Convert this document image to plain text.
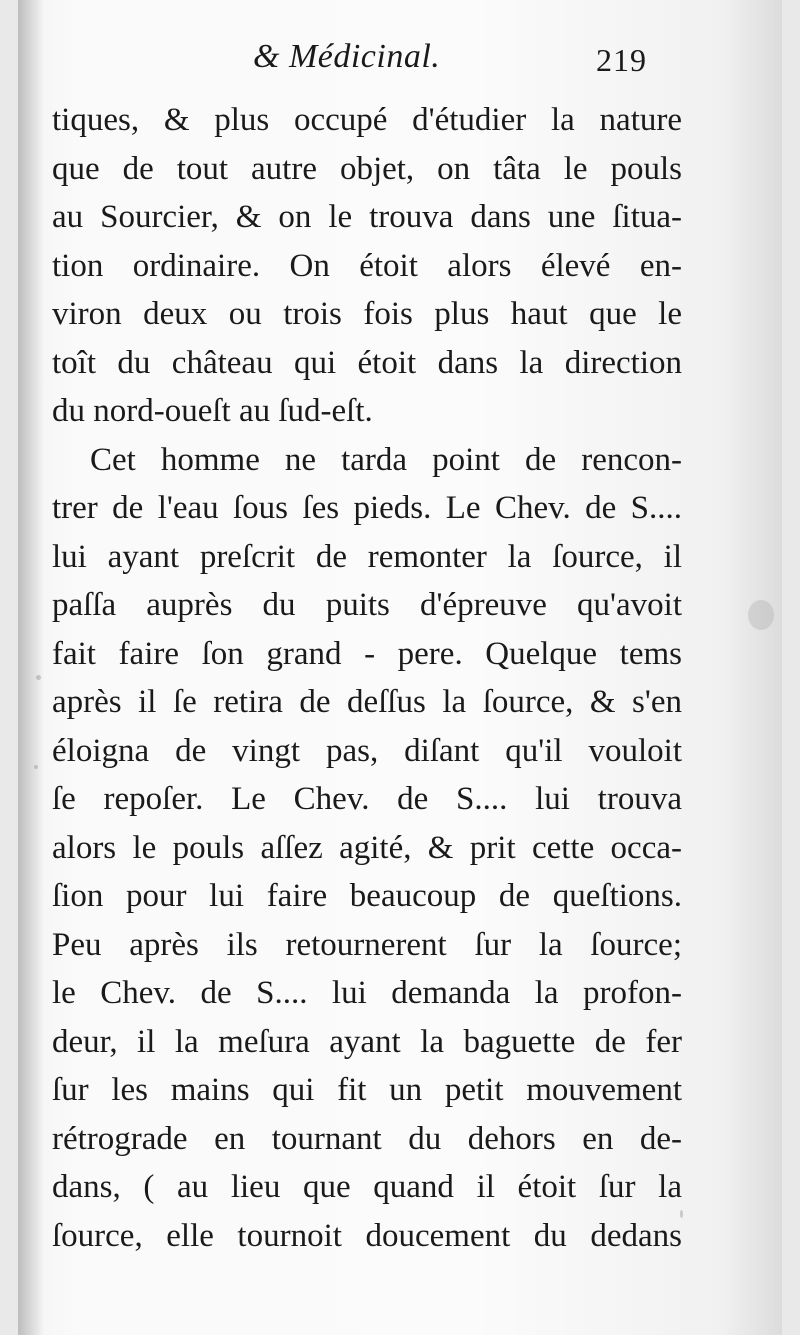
& Médicinal.	219
tiques, & plus occupé d'étudier la nature
que de tout autre objet, on tâta le pouls
au Sourcier, & on le trouva dans une ſitua-
tion ordinaire. On étoit alors élevé en-
viron deux ou trois fois plus haut que le
toît du château qui étoit dans la direction
du nord-oueſt au ſud-eſt.
Cet homme ne tarda point de rencon-
trer de l'eau ſous ſes pieds. Le Chev. de S....
lui ayant preſcrit de remonter la ſource, il
paſſa auprès du puits d'épreuve qu'avoit
fait faire ſon grand - pere. Quelque tems
après il ſe retira de deſſus la ſource, & s'en
éloigna de vingt pas, diſant qu'il vouloit
ſe repoſer. Le Chev. de S.... lui trouva
alors le pouls aſſez agité, & prit cette occa-
ſion pour lui faire beaucoup de queſtions.
Peu après ils retournerent ſur la ſource;
le Chev. de S.... lui demanda la profon-
deur, il la meſura ayant la baguette de fer
ſur les mains qui fit un petit mouvement
rétrograde en tournant du dehors en de-
dans, ( au lieu que quand il étoit ſur la
ſource, elle tournoit doucement du dedans
